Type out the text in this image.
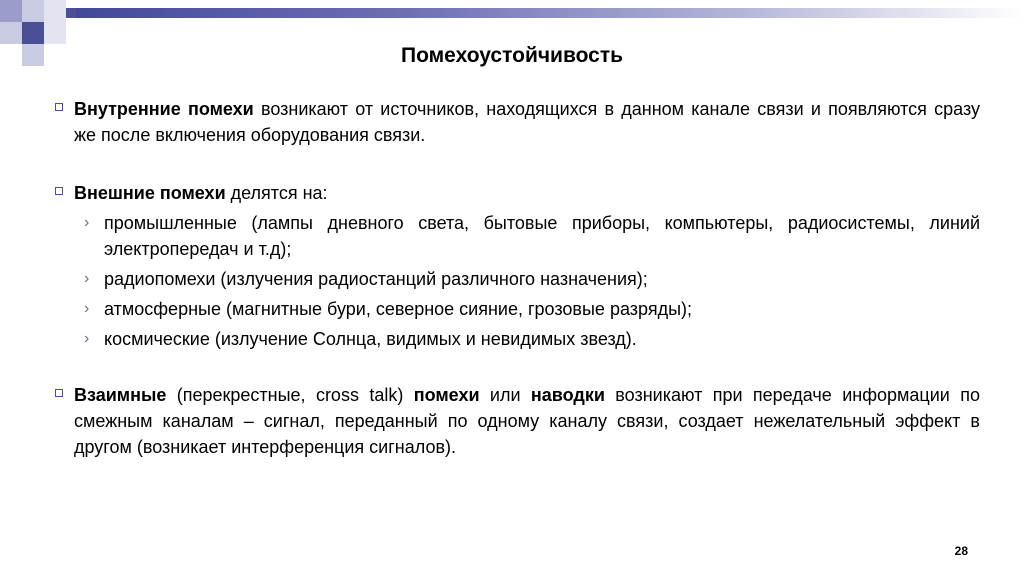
Помехоустойчивость
Внутренние помехи возникают от источников, находящихся в данном канале связи и появляются сразу же после включения оборудования связи.
Внешние помехи делятся на:
› промышленные (лампы дневного света, бытовые приборы, компьютеры, радиосистемы, линий электропередач и т.д);
› радиопомехи (излучения радиостанций различного назначения);
› атмосферные (магнитные бури, северное сияние, грозовые разряды);
› космические (излучение Солнца, видимых и невидимых звезд).
Взаимные (перекрестные, cross talk) помехи или наводки возникают при передаче информации по смежным каналам – сигнал, переданный по одному каналу связи, создает нежелательный эффект в другом (возникает интерференция сигналов).
28
